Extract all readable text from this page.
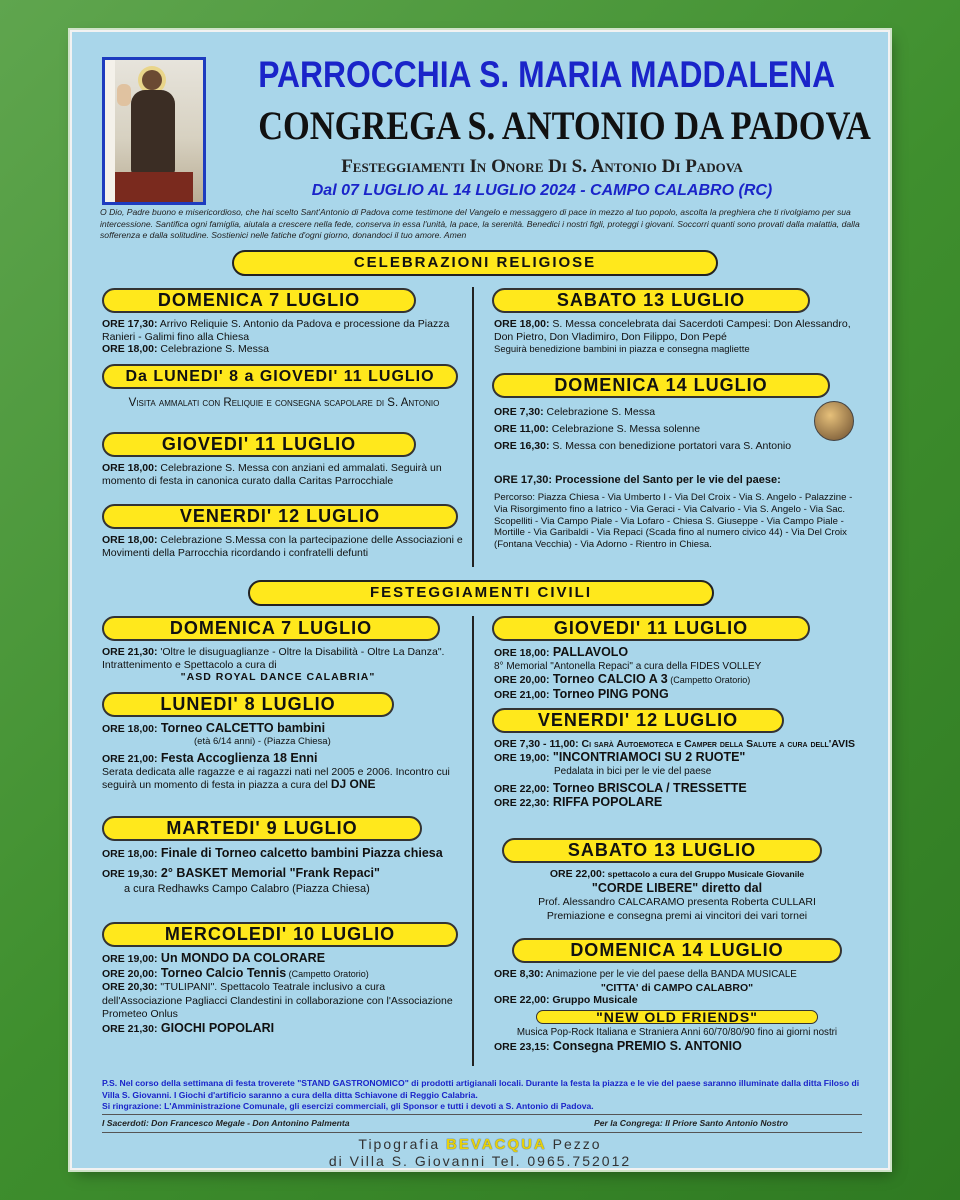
PARROCCHIA S. MARIA MADDALENA
CONGREGA S. ANTONIO DA PADOVA
Festeggiamenti In Onore Di S. Antonio Di Padova
Dal 07 LUGLIO AL 14 LUGLIO 2024 - CAMPO CALABRO (RC)
O Dio, Padre buono e misericordioso, che hai scelto Sant'Antonio di Padova come testimone del Vangelo e messaggero di pace in mezzo al tuo popolo, ascolta la preghiera che ti rivolgiamo per sua intercessione. Santifica ogni famiglia, aiutala a crescere nella fede, conserva in essa l'unità, la pace, la serenità. Benedici i nostri figli, proteggi i giovani. Soccorri quanti sono provati dalla malattia, dalla sofferenza e dalla solitudine. Sostienici nelle fatiche d'ogni giorno, donandoci il tuo amore. Amen
CELEBRAZIONI RELIGIOSE
DOMENICA 7 LUGLIO
ORE 17,30: Arrivo Reliquie S. Antonio da Padova e processione da Piazza Ranieri - Galimi fino alla Chiesa
ORE 18,00: Celebrazione S. Messa
Da LUNEDI' 8 a GIOVEDI' 11 LUGLIO
Visita ammalati con Reliquie e consegna scapolare di S. Antonio
GIOVEDI' 11 LUGLIO
ORE 18,00: Celebrazione S. Messa con anziani ed ammalati. Seguirà un momento di festa in canonica curato dalla Caritas Parrocchiale
VENERDI' 12 LUGLIO
ORE 18,00: Celebrazione S.Messa con la partecipazione delle Associazioni e Movimenti della Parrocchia ricordando i confratelli defunti
SABATO 13 LUGLIO
ORE 18,00: S. Messa concelebrata dai Sacerdoti Campesi: Don Alessandro, Don Pietro, Don Vladimiro, Don Filippo, Don Pepé
Seguirà benedizione bambini in piazza e consegna magliette
DOMENICA 14 LUGLIO
ORE 7,30: Celebrazione S. Messa
ORE 11,00: Celebrazione S. Messa solenne
ORE 16,30: S. Messa con benedizione portatori vara S. Antonio
ORE 17,30: Processione del Santo per le vie del paese:
Percorso: Piazza Chiesa - Via Umberto I - Via Del Croix - Via S. Angelo - Palazzine - Via Risorgimento fino a Iatrico - Via Geraci - Via Calvario - Via S. Angelo - Via Sac. Scopelliti - Via Campo Piale - Via Lofaro - Chiesa S. Giuseppe - Via Campo Piale - Mortille - Via Garibaldi - Via Repaci (Scada fino al numero civico 44) - Via Del Croix (Fontana Vecchia) - Via Adorno - Rientro in Chiesa.
FESTEGGIAMENTI CIVILI
DOMENICA 7 LUGLIO
ORE 21,30: 'Oltre le disuguaglianze - Oltre la Disabilità - Oltre La Danza". Intrattenimento e Spettacolo a cura di

"ASD ROYAL DANCE CALABRIA"
LUNEDI' 8 LUGLIO
ORE 18,00: Torneo CALCETTO bambini

(età 6/14 anni) - (Piazza Chiesa)
ORE 21,00: Festa Accoglienza 18 Enni
Serata dedicata alle ragazze e ai ragazzi nati nel 2005 e 2006. Incontro cui seguirà un momento di festa in piazza a cura del DJ ONE
MARTEDI' 9 LUGLIO
ORE 18,00: Finale di Torneo calcetto bambini Piazza chiesa

ORE 19,30: 2° BASKET Memorial "Frank Repaci"

a cura Redhawks Campo Calabro (Piazza Chiesa)
MERCOLEDI' 10 LUGLIO
ORE 19,00: Un MONDO DA COLORARE
ORE 20,00: Torneo Calcio Tennis (Campetto Oratorio)
ORE 20,30: "TULIPANI". Spettacolo Teatrale inclusivo a cura dell'Associazione Pagliacci Clandestini in collaborazione con l'Associazione Prometeo Onlus
ORE 21,30: GIOCHI POPOLARI
GIOVEDI' 11 LUGLIO
ORE 18,00: PALLAVOLO
8° Memorial "Antonella Repaci" a cura della FIDES VOLLEY
ORE 20,00: Torneo CALCIO A 3 (Campetto Oratorio)
ORE 21,00: Torneo PING PONG
VENERDI' 12 LUGLIO
ORE 7,30 - 11,00: Ci sarà Autoemoteca e Camper della Salute a cura dell'AVIS
ORE 19,00: "INCONTRIAMOCI SU 2 RUOTE"

Pedalata in bici per le vie del paese
ORE 22,00: Torneo BRISCOLA / TRESSETTE
ORE 22,30: RIFFA POPOLARE
SABATO 13 LUGLIO
ORE 22,00: spettacolo a cura del Gruppo Musicale Giovanile
"CORDE LIBERE" diretto dal
Prof. Alessandro CALCARAMO presenta Roberta CULLARI
Premiazione e consegna premi ai vincitori dei vari tornei
DOMENICA 14 LUGLIO
ORE 8,30: Animazione per le vie del paese della BANDA MUSICALE

"CITTA' di CAMPO CALABRO"
ORE 22,00: Gruppo Musicale

"NEW OLD FRIENDS"
Musica Pop-Rock Italiana e Straniera Anni 60/70/80/90 fino ai giorni nostri
ORE 23,15: Consegna PREMIO S. ANTONIO
P.S. Nel corso della settimana di festa troverete "STAND GASTRONOMICO" di prodotti artigianali locali. Durante la festa la piazza e le vie del paese saranno illuminate dalla ditta Filoso di Villa S. Giovanni. I Giochi d'artificio saranno a cura della ditta Schiavone di Reggio Calabria.
Si ringrazione: L'Amministrazione Comunale, gli esercizi commerciali, gli Sponsor e tutti i devoti a S. Antonio di Padova.
I Sacerdoti: Don Francesco Megale - Don Antonino Palmenta	Per la Congrega: Il Priore Santo Antonio Nostro
Tipografia BEVACQUA Pezzo
di Villa S. Giovanni Tel. 0965.752012
